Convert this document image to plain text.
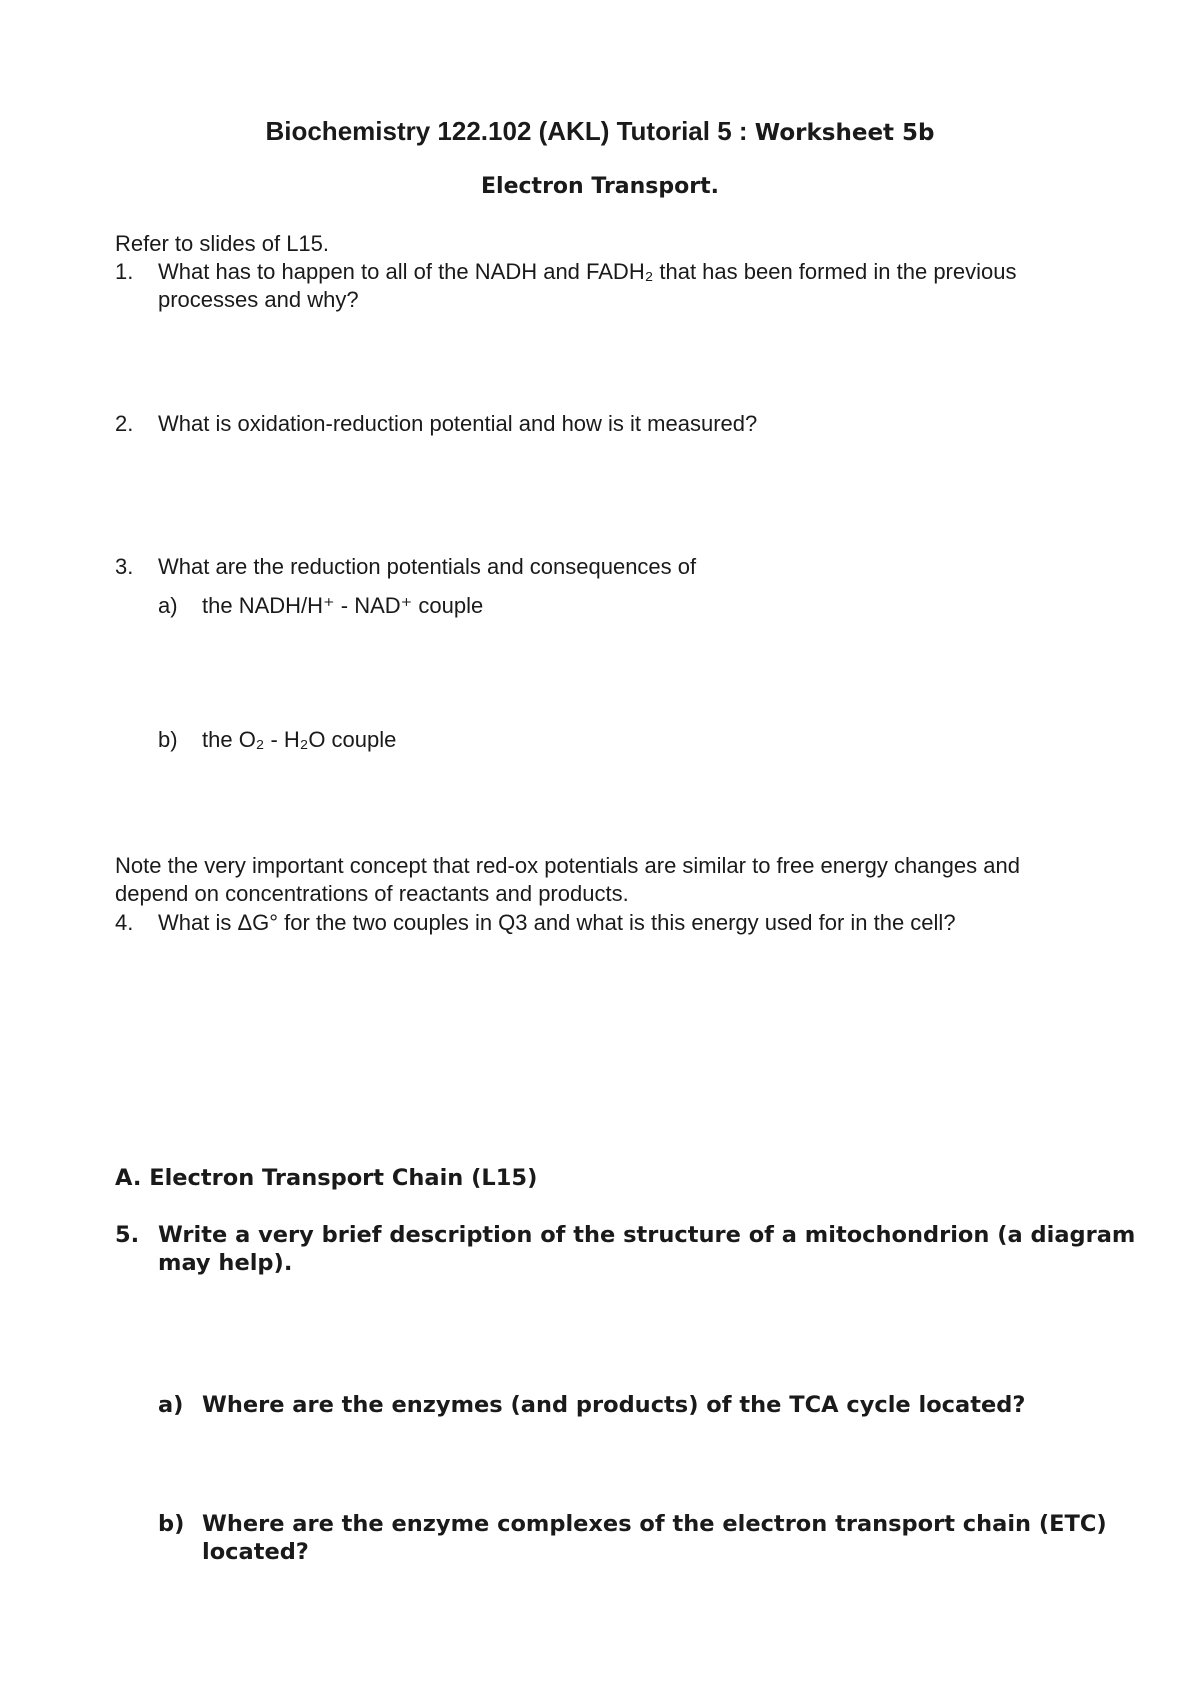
Biochemistry 122.102 (AKL) Tutorial 5 : Worksheet 5b
Electron Transport.
Refer to slides of L15.
1. What has to happen to all of the NADH and FADH₂ that has been formed in the previous
processes and why?
2. What is oxidation-reduction potential and how is it measured?
3. What are the reduction potentials and consequences of
a) the NADH/H⁺ - NAD⁺ couple
b) the O₂ - H₂O couple
Note the very important concept that red-ox potentials are similar to free energy changes and
depend on concentrations of reactants and products.
4. What is ΔG° for the two couples in Q3 and what is this energy used for in the cell?
A. Electron Transport Chain (L15)
5. Write a very brief description of the structure of a mitochondrion (a diagram
may help).
a) Where are the enzymes (and products) of the TCA cycle located?
b) Where are the enzyme complexes of the electron transport chain (ETC)
located?
